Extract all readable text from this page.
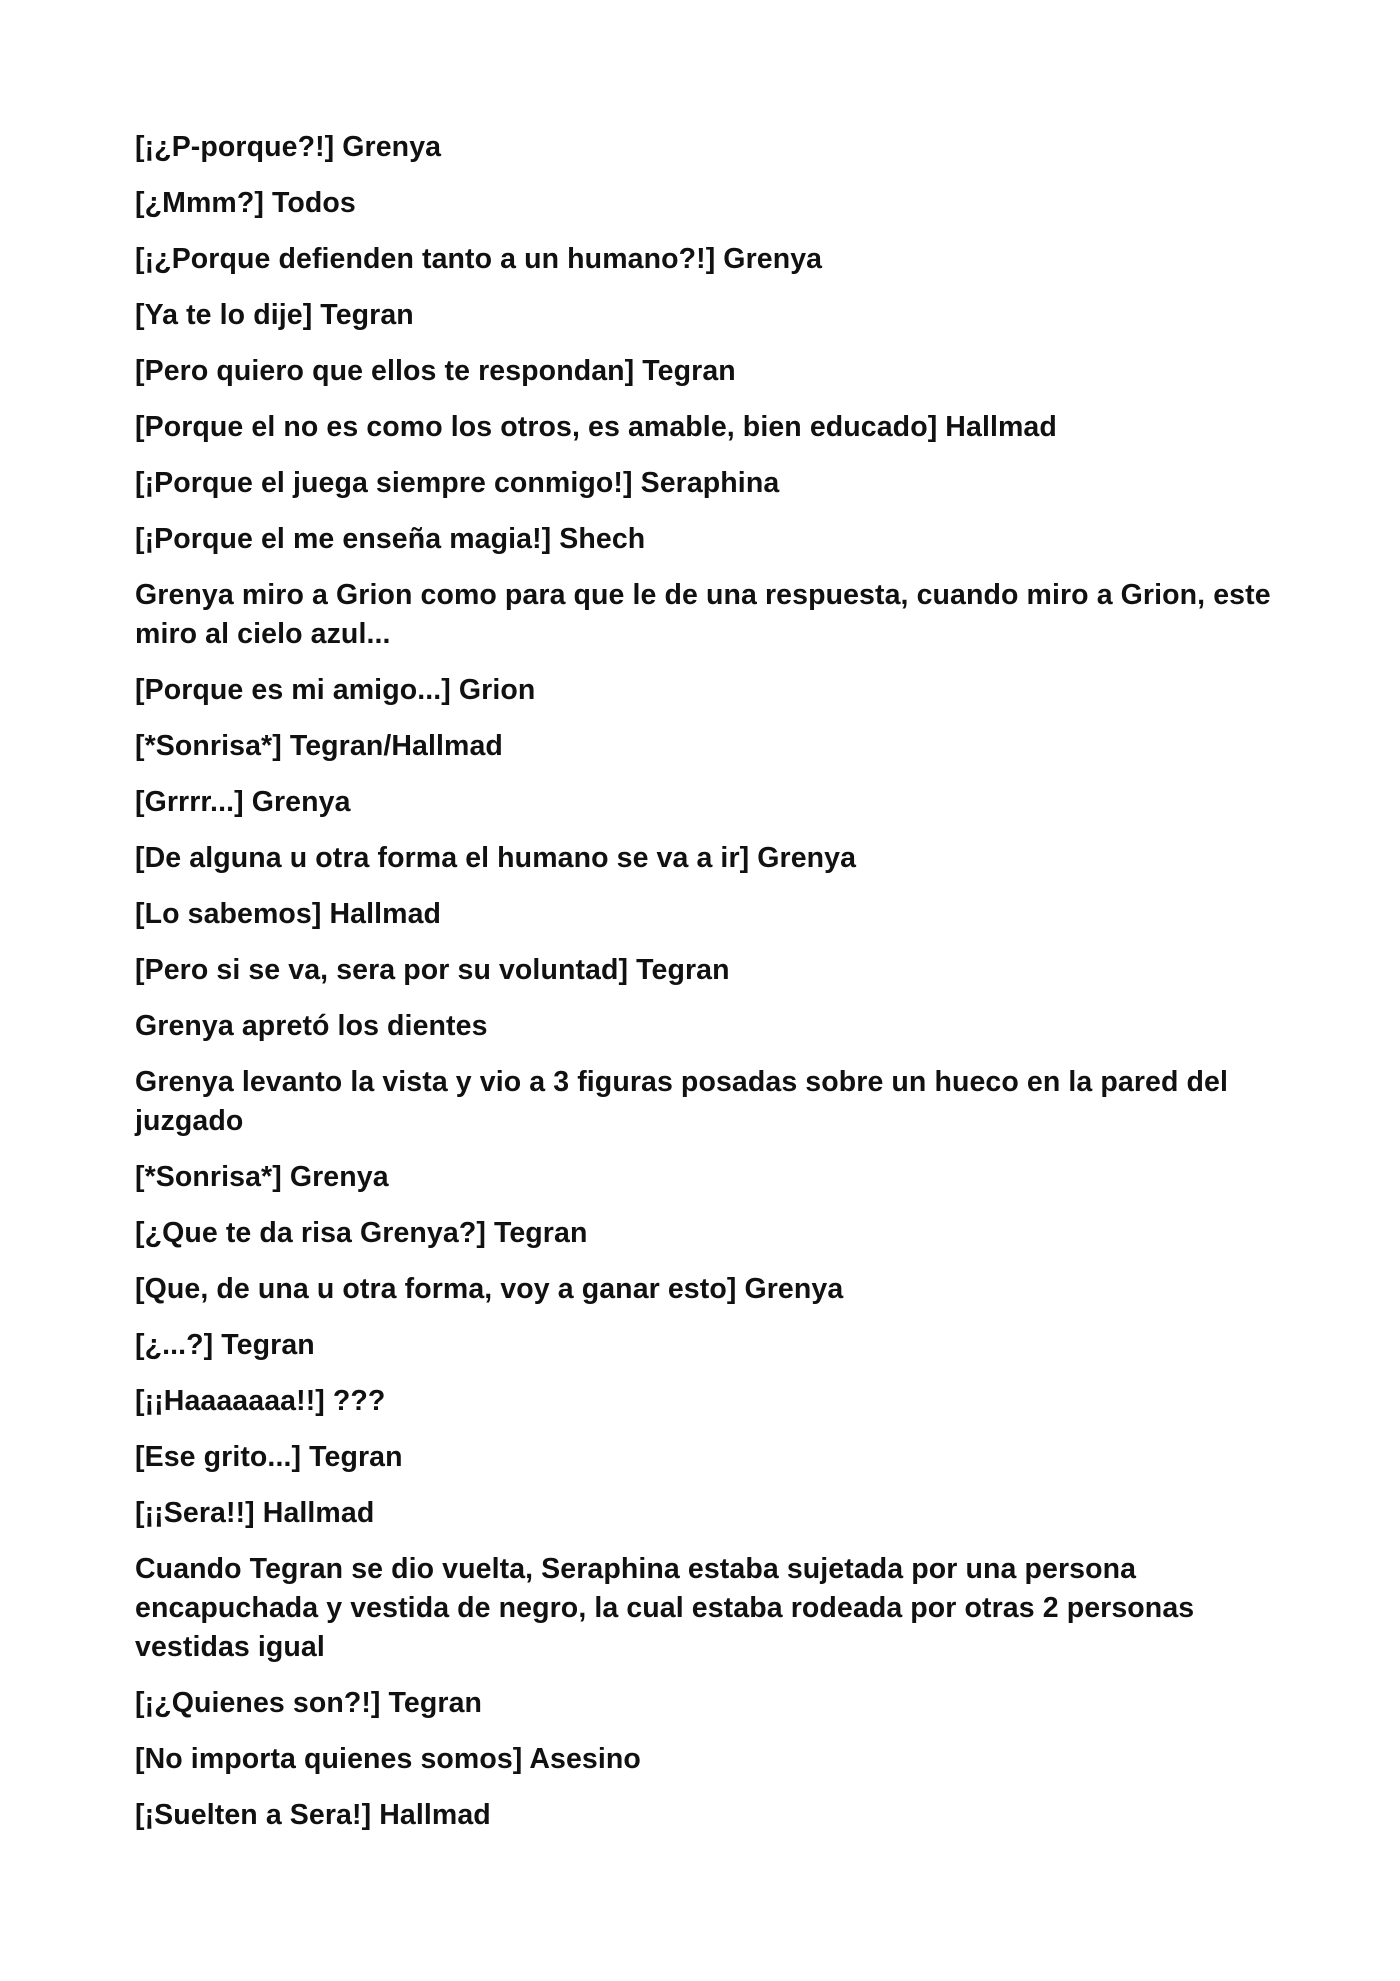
[¡¿P-porque?!] Grenya

[¿Mmm?] Todos

[¡¿Porque defienden tanto a un humano?!] Grenya

[Ya te lo dije] Tegran

[Pero quiero que ellos te respondan] Tegran

[Porque el no es como los otros, es amable, bien educado] Hallmad

[¡Porque el juega siempre conmigo!] Seraphina

[¡Porque el me enseña magia!] Shech

Grenya miro a Grion como para que le de una respuesta, cuando miro a Grion, este miro al cielo azul...

[Porque es mi amigo...] Grion

[*Sonrisa*] Tegran/Hallmad

[Grrrr...] Grenya

[De alguna u otra forma el humano se va a ir] Grenya

[Lo sabemos] Hallmad

[Pero si se va, sera por su voluntad] Tegran

Grenya apretó los dientes

Grenya levanto la vista y vio a 3 figuras posadas sobre un hueco en la pared del juzgado

[*Sonrisa*] Grenya

[¿Que te da risa Grenya?] Tegran

[Que, de una u otra forma, voy a ganar esto] Grenya

[¿...?] Tegran

[¡¡Haaaaaaa!!] ???

[Ese grito...] Tegran

[¡¡Sera!!] Hallmad

Cuando Tegran se dio vuelta, Seraphina estaba sujetada por una persona encapuchada y vestida de negro, la cual estaba rodeada por otras 2 personas vestidas igual

[¡¿Quienes son?!] Tegran

[No importa quienes somos] Asesino

[¡Suelten a Sera!] Hallmad
